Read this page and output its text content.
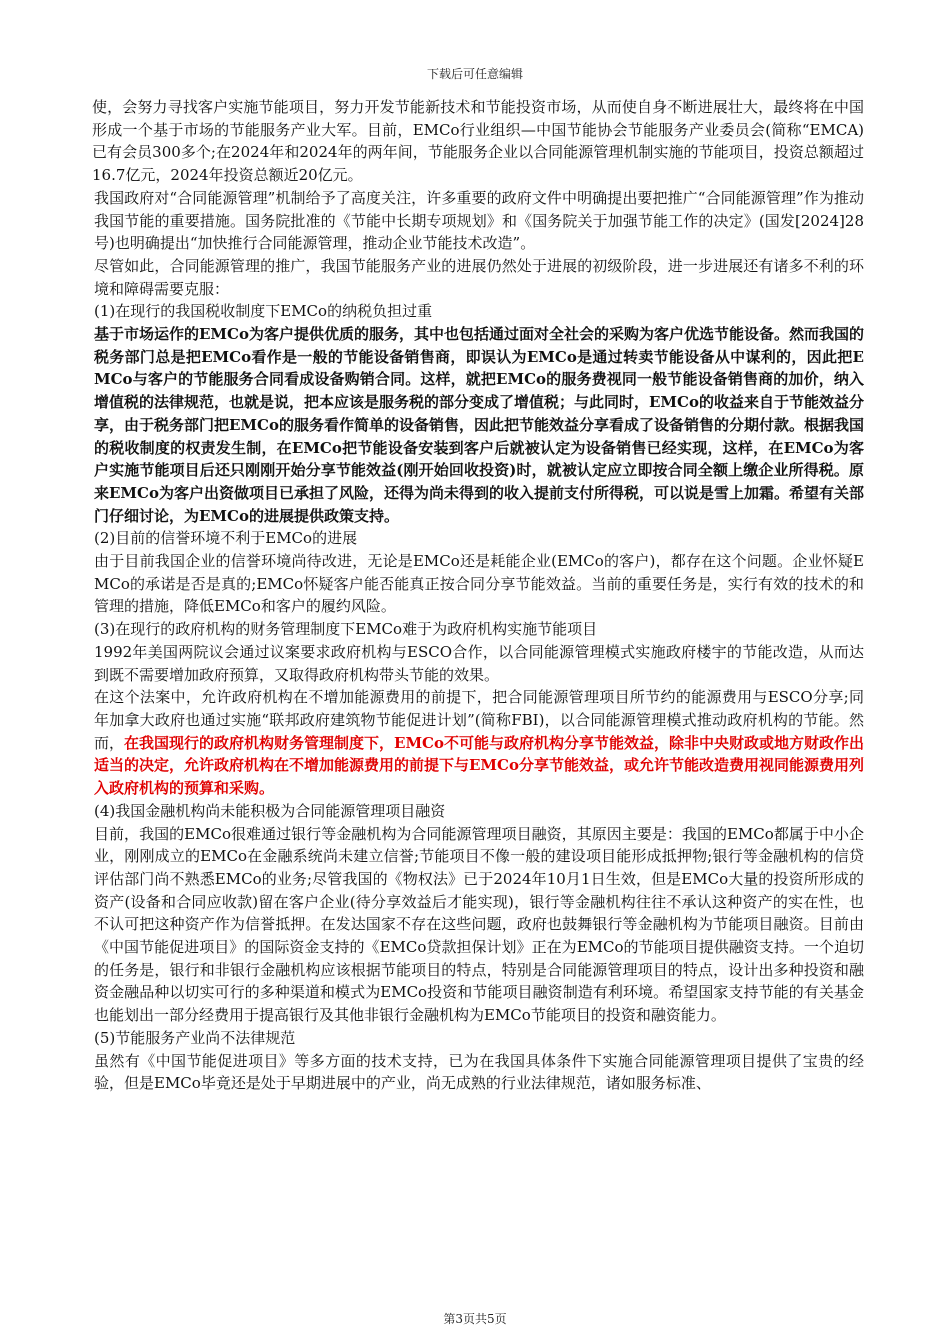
下载后可任意编辑

使，会努力寻找客户实施节能项目，努力开发节能新技术和节能投资市场，从而使自身不断进展壮大，最终将在中国形成一个基于市场的节能服务产业大军。目前，EMCo行业组织—中国节能协会节能服务产业委员会(简称“EMCA)已有会员300多个;在2024年和2024年的两年间，节能服务企业以合同能源管理机制实施的节能项目，投资总额超过16.7亿元，2024年投资总额近20亿元。

我国政府对“合同能源管理”机制给予了高度关注，许多重要的政府文件中明确提出要把推广“合同能源管理”作为推动我国节能的重要措施。国务院批准的《节能中长期专项规划》和《国务院关于加强节能工作的决定》(国发[2024]28号)也明确提出“加快推行合同能源管理，推动企业节能技术改造”。

尽管如此，合同能源管理的推广，我国节能服务产业的进展仍然处于进展的初级阶段，进一步进展还有诸多不利的环境和障碍需要克服：

(1)在现行的我国税收制度下EMCo的纳税负担过重

基于市场运作的EMCo为客户提供优质的服务，其中也包括通过面对全社会的采购为客户优选节能设备。然而我国的税务部门总是把EMCo看作是一般的节能设备销售商，即误认为EMCo是通过转卖节能设备从中谋利的，因此把EMCo与客户的节能服务合同看成设备购销合同。这样，就把EMCo的服务费视同一般节能设备销售商的加价，纳入增值税的法律规范，也就是说，把本应该是服务税的部分变成了增值税；与此同时，EMCo的收益来自于节能效益分享，由于税务部门把EMCo的服务看作简单的设备销售，因此把节能效益分享看成了设备销售的分期付款。根据我国的税收制度的权责发生制，在EMCo把节能设备安装到客户后就被认定为设备销售已经实现，这样，在EMCo为客户实施节能项目后还只刚刚开始分享节能效益(刚开始回收投资)时，就被认定应立即按合同全额上缴企业所得税。原来EMCo为客户出资做项目已承担了风险，还得为尚未得到的收入提前支付所得税，可以说是雪上加霜。希望有关部门仔细讨论，为EMCo的进展提供政策支持。

(2)目前的信誉环境不利于EMCo的进展

由于目前我国企业的信誉环境尚待改进，无论是EMCo还是耗能企业(EMCo的客户)，都存在这个问题。企业怀疑EMCo的承诺是否是真的;EMCo怀疑客户能否能真正按合同分享节能效益。当前的重要任务是，实行有效的技术的和管理的措施，降低EMCo和客户的履约风险。

(3)在现行的政府机构的财务管理制度下EMCo难于为政府机构实施节能项目

1992年美国两院议会通过议案要求政府机构与ESCO合作，以合同能源管理模式实施政府楼宇的节能改造，从而达到既不需要增加政府预算，又取得政府机构带头节能的效果。

在这个法案中，允许政府机构在不增加能源费用的前提下，把合同能源管理项目所节约的能源费用与ESCO分享;同年加拿大政府也通过实施“联邦政府建筑物节能促进计划”(简称FBI)，以合同能源管理模式推动政府机构的节能。然而，在我国现行的政府机构财务管理制度下，EMCo不可能与政府机构分享节能效益，除非中央财政或地方财政作出适当的决定，允许政府机构在不增加能源费用的前提下与EMCo分享节能效益，或允许节能改造费用视同能源费用列入政府机构的预算和采购。

(4)我国金融机构尚未能积极为合同能源管理项目融资

目前，我国的EMCo很难通过银行等金融机构为合同能源管理项目融资，其原因主要是：我国的EMCo都属于中小企业，刚刚成立的EMCo在金融系统尚未建立信誉;节能项目不像一般的建设项目能形成抵押物;银行等金融机构的信贷评估部门尚不熟悉EMCo的业务;尽管我国的《物权法》已于2024年10月1日生效，但是EMCo大量的投资所形成的资产(设备和合同应收款)留在客户企业(待分享效益后才能实现)，银行等金融机构往往不承认这种资产的实在性，也不认可把这种资产作为信誉抵押。在发达国家不存在这些问题，政府也鼓舞银行等金融机构为节能项目融资。目前由《中国节能促进项目》的国际资金支持的《EMCo贷款担保计划》正在为EMCo的节能项目提供融资支持。一个迫切的任务是，银行和非银行金融机构应该根据节能项目的特点，特别是合同能源管理项目的特点，设计出多种投资和融资金融品种以切实可行的多种渠道和模式为EMCo投资和节能项目融资制造有利环境。希望国家支持节能的有关基金也能划出一部分经费用于提高银行及其他非银行金融机构为EMCo节能项目的投资和融资能力。

(5)节能服务产业尚不法律规范

虽然有《中国节能促进项目》等多方面的技术支持，已为在我国具体条件下实施合同能源管理项目提供了宝贵的经验，但是EMCo毕竟还是处于早期进展中的产业，尚无成熟的行业法律规范，诸如服务标准、

第3页共5页
